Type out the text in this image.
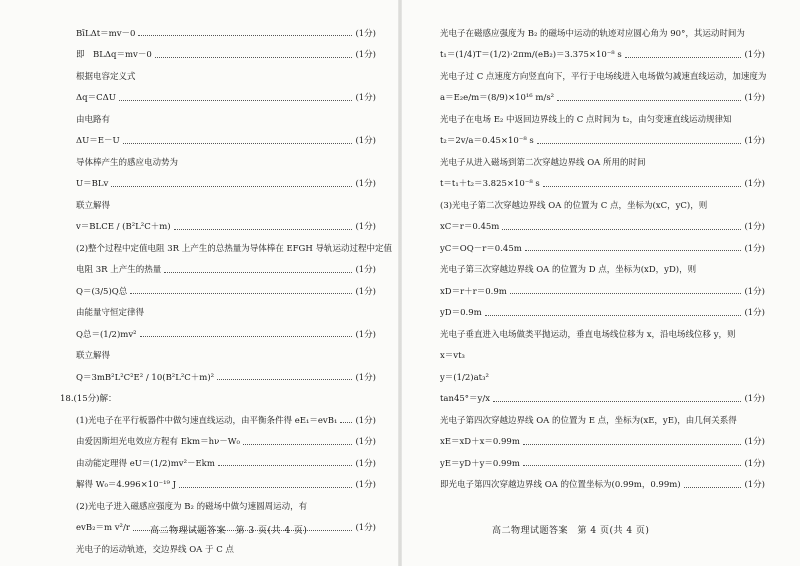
BīLΔt＝mv－0	(1分)
即　BLΔq＝mv－0	(1分)
根据电容定义式
Δq＝CΔU	(1分)
由电路有
ΔU＝E－U	(1分)
导体棒产生的感应电动势为
U＝BLv	(1分)
联立解得
v＝BLCE / (B²L²C＋m)	(1分)
(2)整个过程中定值电阻 3R 上产生的总热量为导体棒在 EFGH 导轨运动过程中定值
电阻 3R 上产生的热量	(1分)
Q＝(3/5)Q总	(1分)
由能量守恒定律得
Q总＝(1/2)mv²	(1分)
联立解得
Q＝3mB²L²C²E² / 10(B²L²C＋m)²	(1分)
18.(15分)解：
(1)光电子在平行板器件中做匀速直线运动，由平衡条件得 eE₁＝evB₁ (1分)
由爱因斯坦光电效应方程有 Ekm＝hν－W₀	(1分)
由动能定理得 eU＝(1/2)mv²－Ekm	(1分)
解得 W₀＝4.996×10⁻¹⁹ J	(1分)
(2)光电子进入磁感应强度为 B₂ 的磁场中做匀速圆周运动，有
evB₂＝m v²/r	(1分)
光电子的运动轨迹，交边界线 OA 于 C 点
高二物理试题答案　第 3 页(共 4 页)
光电子在磁感应强度为 B₂ 的磁场中运动的轨迹对应圆心角为 90°，其运动时间为
t₁＝(1/4)T＝(1/2)·2πm/(eB₂)＝3.375×10⁻⁸ s	(1分)
光电子过 C 点速度方向竖直向下，平行于电场线进入电场做匀减速直线运动，加速度为
a＝E₂e/m＝(8/9)×10¹⁶ m/s²	(1分)
光电子在电场 E₂ 中返回边界线上的 C 点时间为 t₂，由匀变速直线运动规律知
t₂＝2v/a＝0.45×10⁻⁸ s	(1分)
光电子从进入磁场到第二次穿越边界线 OA 所用的时间
t＝t₁＋t₂＝3.825×10⁻⁸ s	(1分)
(3)光电子第二次穿越边界线 OA 的位置为 C 点，坐标为(xC，yC)，则
xC＝r＝0.45m	(1分)
yC＝OQ－r＝0.45m	(1分)
光电子第三次穿越边界线 OA 的位置为 D 点，坐标为(xD，yD)，则
xD＝r＋r＝0.9m	(1分)
yD＝0.9m	(1分)
光电子垂直进入电场做类平抛运动，垂直电场线位移为 x，沿电场线位移 y，则
x＝vt₃
y＝(1/2)at₃²
tan45°＝y/x	(1分)
光电子第四次穿越边界线 OA 的位置为 E 点，坐标为(xE，yE)，由几何关系得
xE＝xD＋x＝0.99m	(1分)
yE＝yD＋y＝0.99m	(1分)
即光电子第四次穿越边界线 OA 的位置坐标为(0.99m，0.99m)	(1分)
高二物理试题答案　第 4 页(共 4 页)
